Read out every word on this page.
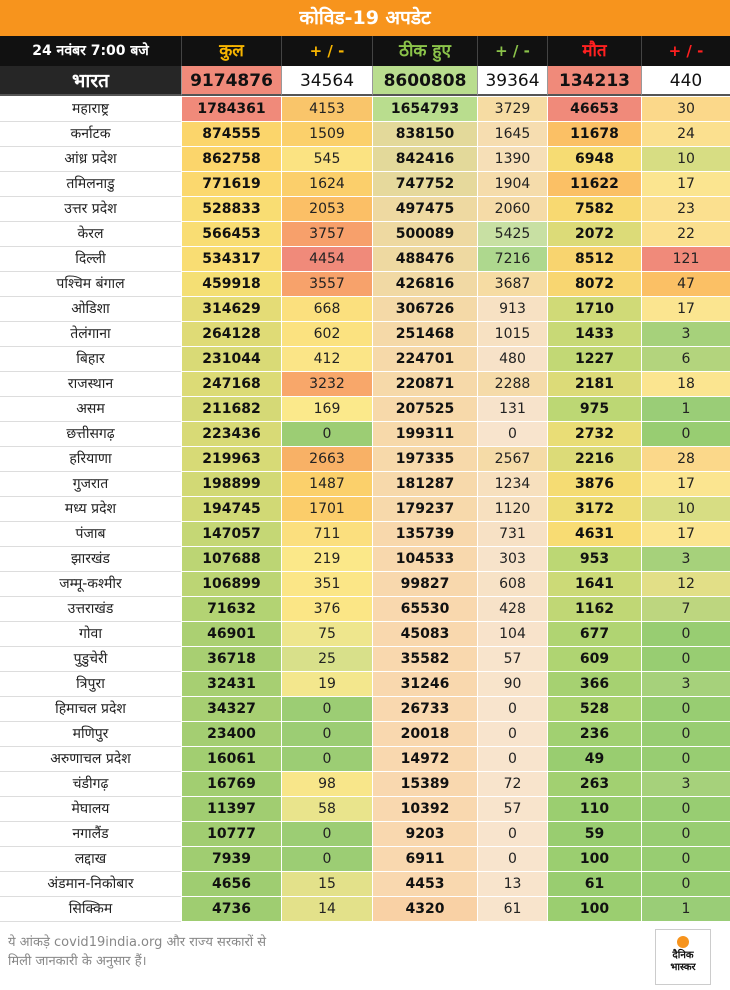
कोविड-19 अपडेट
24 नवंबर 7:00 बजे	कुल	+ / -	ठीक हुए	+ / -	मौत	+ / -
भारत	9174876	34564	8600808	39364	134213	440
महाराष्ट्र	1784361	4153	1654793	3729	46653	30
कर्नाटक	874555	1509	838150	1645	11678	24
आंध्र प्रदेश	862758	545	842416	1390	6948	10
तमिलनाडु	771619	1624	747752	1904	11622	17
उत्तर प्रदेश	528833	2053	497475	2060	7582	23
केरल	566453	3757	500089	5425	2072	22
दिल्ली	534317	4454	488476	7216	8512	121
पश्चिम बंगाल	459918	3557	426816	3687	8072	47
ओडिशा	314629	668	306726	913	1710	17
तेलंगाना	264128	602	251468	1015	1433	3
बिहार	231044	412	224701	480	1227	6
राजस्थान	247168	3232	220871	2288	2181	18
असम	211682	169	207525	131	975	1
छत्तीसगढ़	223436	0	199311	0	2732	0
हरियाणा	219963	2663	197335	2567	2216	28
गुजरात	198899	1487	181287	1234	3876	17
मध्य प्रदेश	194745	1701	179237	1120	3172	10
पंजाब	147057	711	135739	731	4631	17
झारखंड	107688	219	104533	303	953	3
जम्मू-कश्मीर	106899	351	99827	608	1641	12
उत्तराखंड	71632	376	65530	428	1162	7
गोवा	46901	75	45083	104	677	0
पुडुचेरी	36718	25	35582	57	609	0
त्रिपुरा	32431	19	31246	90	366	3
हिमाचल प्रदेश	34327	0	26733	0	528	0
मणिपुर	23400	0	20018	0	236	0
अरुणाचल प्रदेश	16061	0	14972	0	49	0
चंडीगढ़	16769	98	15389	72	263	3
मेघालय	11397	58	10392	57	110	0
नगालैंड	10777	0	9203	0	59	0
लद्दाख	7939	0	6911	0	100	0
अंडमान-निकोबार	4656	15	4453	13	61	0
सिक्किम	4736	14	4320	61	100	1
ये आंकड़े covid19india.org और राज्य सरकारों से
मिली जानकारी के अनुसार हैं।	दैनिक
भास्कर
